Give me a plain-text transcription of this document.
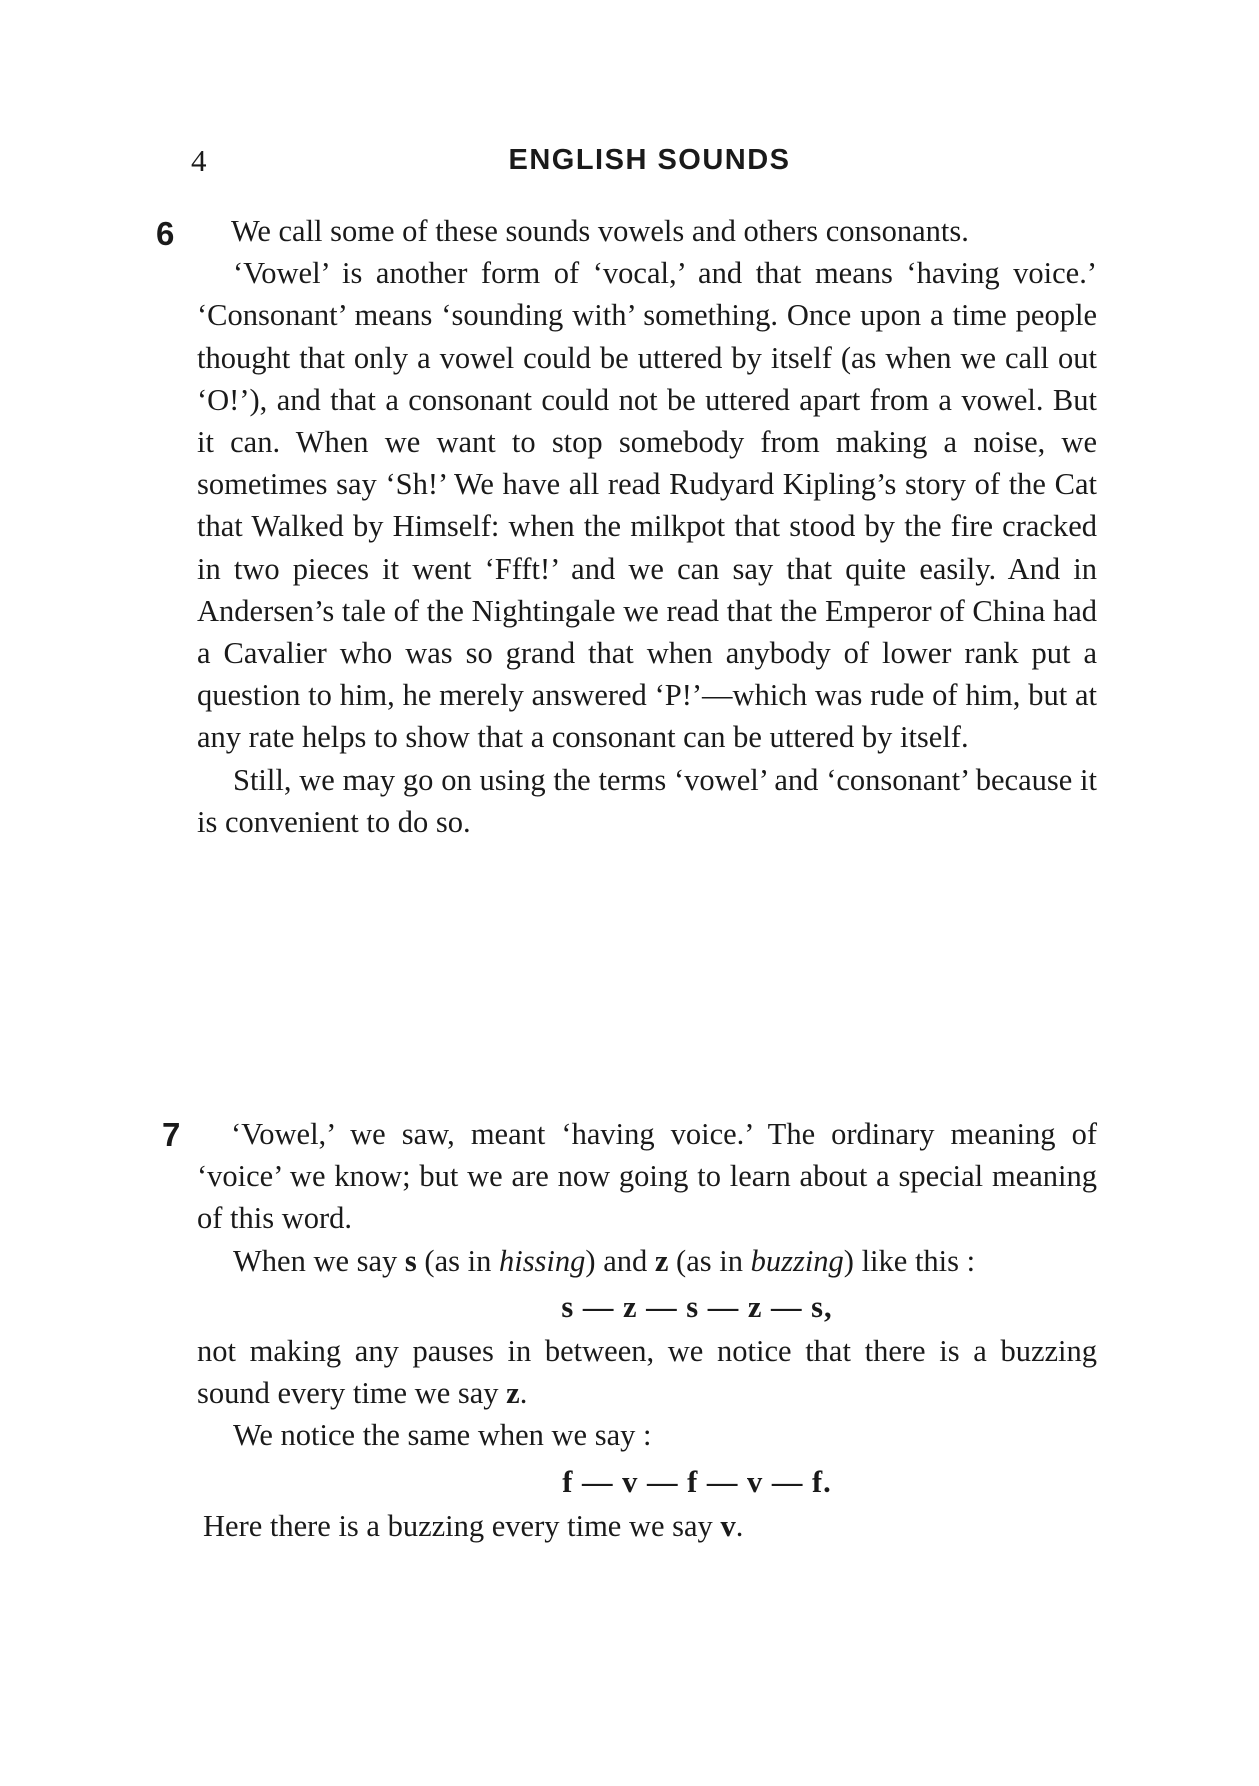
4	ENGLISH SOUNDS
6	We call some of these sounds vowels and others consonants.

‘Vowel’ is another form of ‘vocal,’ and that means ‘having voice.’ ‘Consonant’ means ‘sounding with’ something. Once upon a time people thought that only a vowel could be uttered by itself (as when we call out ‘O!’), and that a consonant could not be uttered apart from a vowel. But it can. When we want to stop somebody from making a noise, we sometimes say ‘Sh!’ We have all read Rudyard Kipling’s story of the Cat that Walked by Himself: when the milkpot that stood by the fire cracked in two pieces it went ‘Ffft!’ and we can say that quite easily. And in Andersen’s tale of the Nightingale we read that the Emperor of China had a Cavalier who was so grand that when anybody of lower rank put a question to him, he merely answered ‘P!’—which was rude of him, but at any rate helps to show that a consonant can be uttered by itself.

Still, we may go on using the terms ‘vowel’ and ‘consonant’ because it is convenient to do so.

7	‘Vowel,’ we saw, meant ‘having voice.’ The ordinary meaning of ‘voice’ we know; but we are now going to learn about a special meaning of this word.

When we say s (as in hissing) and z (as in buzzing) like this :

s — z — s — z — s,

not making any pauses in between, we notice that there is a buzzing sound every time we say z.

We notice the same when we say :

f — v — f — v — f.

Here there is a buzzing every time we say v.
